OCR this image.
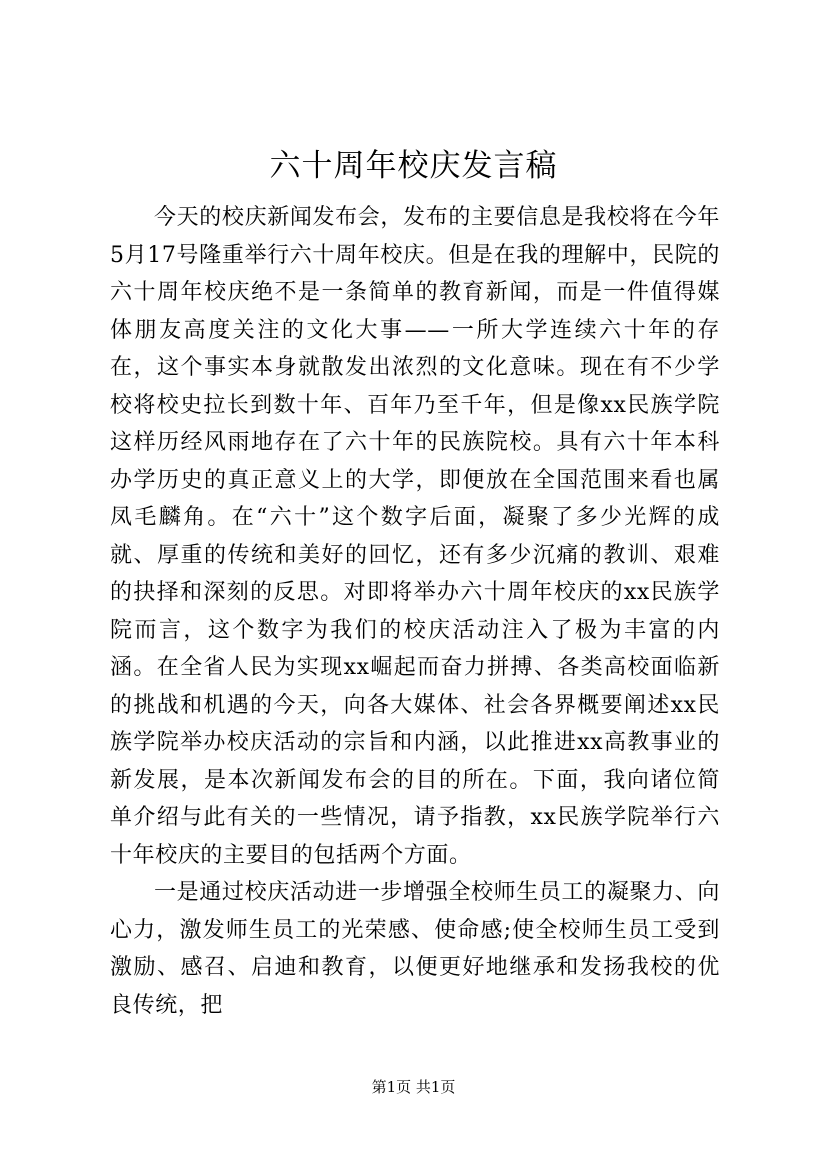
六十周年校庆发言稿

今天的校庆新闻发布会，发布的主要信息是我校将在今年5月17号隆重举行六十周年校庆。但是在我的理解中，民院的六十周年校庆绝不是一条简单的教育新闻，而是一件值得媒体朋友高度关注的文化大事——一所大学连续六十年的存在，这个事实本身就散发出浓烈的文化意味。现在有不少学校将校史拉长到数十年、百年乃至千年，但是像xx民族学院这样历经风雨地存在了六十年的民族院校。具有六十年本科办学历史的真正意义上的大学，即便放在全国范围来看也属凤毛麟角。在“六十”这个数字后面，凝聚了多少光辉的成就、厚重的传统和美好的回忆，还有多少沉痛的教训、艰难的抉择和深刻的反思。对即将举办六十周年校庆的xx民族学院而言，这个数字为我们的校庆活动注入了极为丰富的内涵。在全省人民为实现xx崛起而奋力拼搏、各类高校面临新的挑战和机遇的今天，向各大媒体、社会各界概要阐述xx民族学院举办校庆活动的宗旨和内涵，以此推进xx高教事业的新发展，是本次新闻发布会的目的所在。下面，我向诸位简单介绍与此有关的一些情况，请予指教，xx民族学院举行六十年校庆的主要目的包括两个方面。

一是通过校庆活动进一步增强全校师生员工的凝聚力、向心力，激发师生员工的光荣感、使命感;使全校师生员工受到激励、感召、启迪和教育，以便更好地继承和发扬我校的优良传统，把

第1页 共1页
